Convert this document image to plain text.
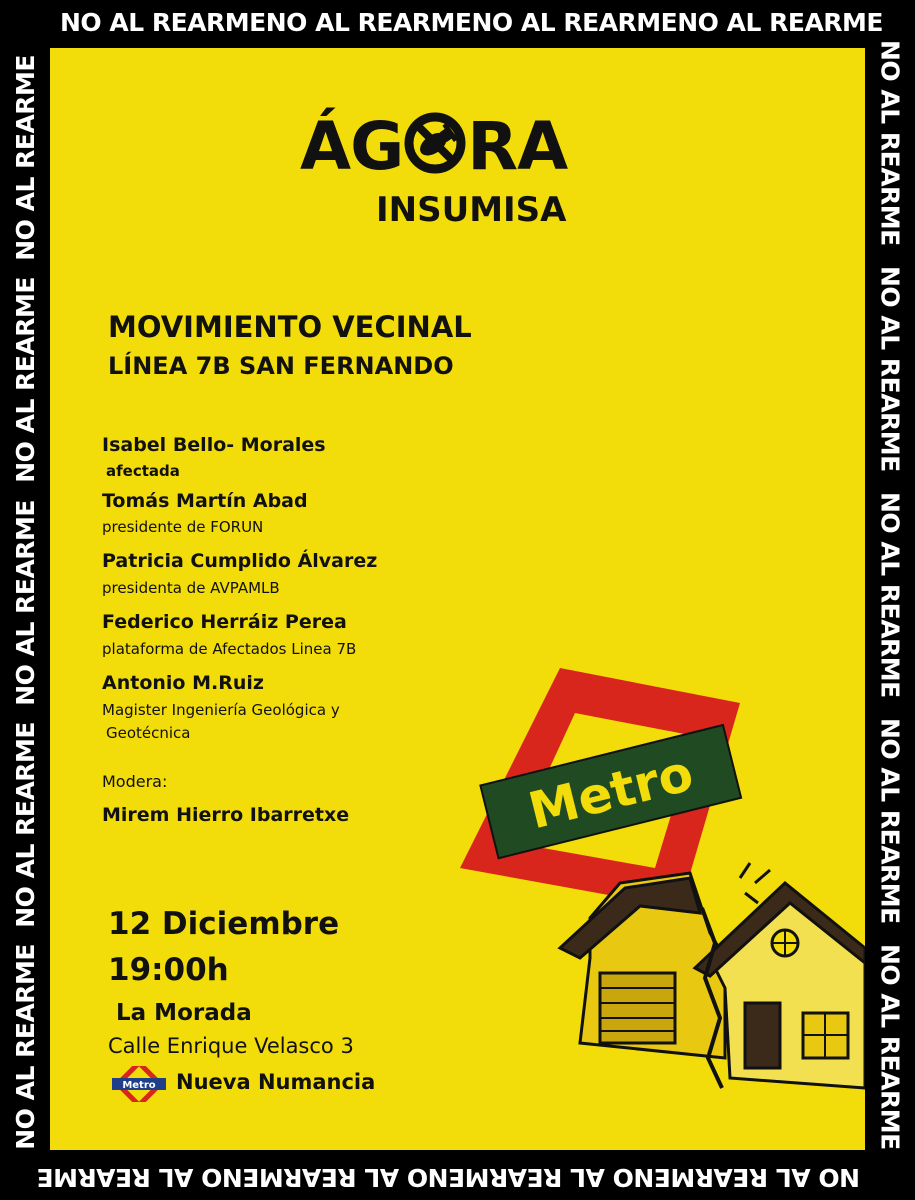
NO AL REARME NO AL REARME NO AL REARME NO AL REARME
NO AL REARME
NO AL REARME
NO AL REARME
NO AL REARME
NO AL REARME
NO AL REARME
NO AL REARME
NO AL REARME
NO AL REARME
NO AL REARME
NO AL REARME
NO AL REARME
NO AL REARME
NO AL REARME
ÁG RA
INSUMISA
MOVIMIENTO VECINAL
LÍNEA 7B SAN FERNANDO
Isabel Bello- Morales
afectada
Tomás Martín Abad
presidente de FORUN
Patricia Cumplido Álvarez
presidenta de AVPAMLB
Federico Herráiz Perea
plataforma de Afectados Linea 7B
Antonio M.Ruiz
Magister Ingeniería Geológica y
Geotécnica
Modera:
Mirem Hierro Ibarretxe
12 Diciembre
19:00h
La Morada
Calle Enrique Velasco 3
Metro Nueva Numancia
Metro
